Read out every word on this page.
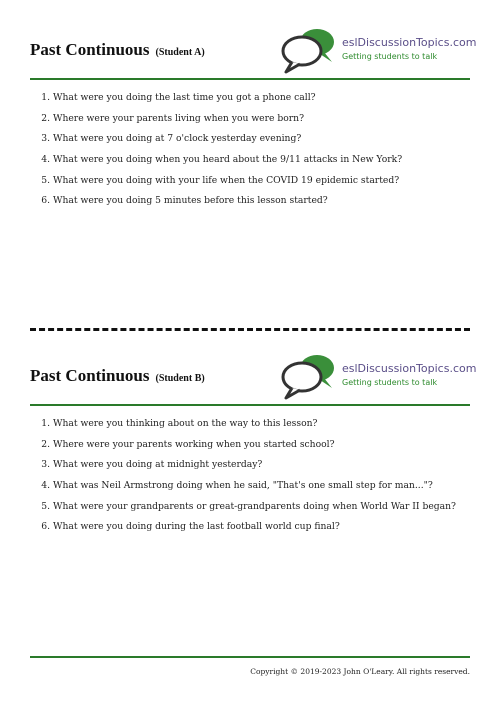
Past Continuous (Student A)
eslDiscussionTopics.com
Getting students to talk
1. What were you doing the last time you got a phone call?
2. Where were your parents living when you were born?
3. What were you doing at 7 o'clock yesterday evening?
4. What were you doing when you heard about the 9/11 attacks in New York?
5. What were you doing with your life when the COVID 19 epidemic started?
6. What were you doing 5 minutes before this lesson started?
Past Continuous (Student B)
eslDiscussionTopics.com
Getting students to talk
1. What were you thinking about on the way to this lesson?
2. Where were your parents working when you started school?
3. What were you doing at midnight yesterday?
4. What was Neil Armstrong doing when he said, "That's one small step for man..."?
5. What were your grandparents or great-grandparents doing when World War II began?
6. What were you doing during the last football world cup final?
Copyright © 2019-2023 John O'Leary. All rights reserved.
